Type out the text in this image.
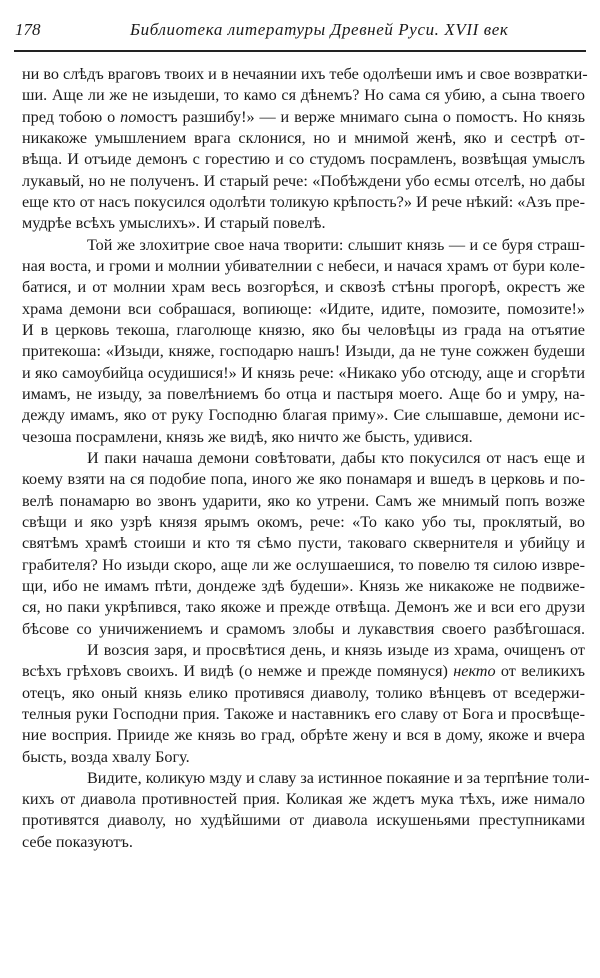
178	Библиотека литературы Древней Руси. XVII век
ни во слѣдъ враговъ твоих и в нечаянии ихъ тебе одолѣеши имъ и свое возвратки-
ши. Аще ли же не изыдеши, то камо ся дѣнемъ? Но сама ся убию, а сына твоего
пред тобою о помостъ разшибу!» — и верже мнимаго сына о помостъ. Но князь
никакоже умышлением врага склонися, но и мнимой женѣ, яко и сестрѣ от-
вѣща. И отъиде демонъ с горестию и со студомъ посрамленъ, возвѣщая умыслъ
лукавый, но не полученъ. И старый рече: «Побѣждени убо есмы отселѣ, но дабы
еще кто от насъ покусился одолѣти толикую крѣпость?» И рече нѣкий: «Азъ пре-
мудрѣе всѣхъ умыслихъ». И старый повелѣ.
Той же злохитрие свое нача творити: слышит князь — и се буря страш-
ная воста, и громи и молнии убивателнии с небеси, и начася храмъ от бури коле-
батися, и от молнии храм весь возгорѣся, и сквозѣ стѣны прогорѣ, окрестъ же
храма демони вси собрашася, вопиюще: «Идите, идите, помозите, помозите!»
И в церковь текоша, глаголюще князю, яко бы человѣцы из града на отъятие
притекоша: «Изыди, княже, господарю нашъ! Изыди, да не туне сожжен будеши
и яко самоубийца осудишися!» И князь рече: «Никако убо отсюду, аще и сгорѣти
имамъ, не изыду, за повелѣниемъ бо отца и пастыря моего. Аще бо и умру, на-
дежду имамъ, яко от руку Господню благая приму». Сие слышавше, демони ис-
чезоша посрамлени, князь же видѣ, яко ничто же бысть, удивися.
И паки начаша демони совѣтовати, дабы кто покусился от насъ еще и
коему взяти на ся подобие попа, иного же яко понамаря и вшедъ в церковь и по-
велѣ понамарю во звонъ ударити, яко ко утрени. Самъ же мнимый попъ возже
свѣщи и яко узрѣ князя ярымъ окомъ, рече: «То како убо ты, проклятый, во
святѣмъ храмѣ стоиши и кто тя сѣмо пусти, таковаго сквернителя и убийцу и
грабителя? Но изыди скоро, аще ли же ослушаешися, то повелю тя силою извре-
щи, ибо не имамъ пѣти, дондеже здѣ будеши». Князь же никакоже не подвиже-
ся, но паки укрѣпився, тако якоже и прежде отвѣща. Демонъ же и вси его друзи
бѣсове со уничижениемъ и срамомъ злобы и лукавствия своего разбѣгошася.
И возсия заря, и просвѣтися день, и князь изыде из храма, очищенъ от
всѣхъ грѣховъ своихъ. И видѣ (о немже и прежде помянуся) некто от великихъ
отецъ, яко оный князь елико противяся диаволу, толико вѣнцевъ от вседержи-
телныя руки Господни прия. Такоже и наставникъ его славу от Бога и просвѣще-
ние восприя. Прииде же князь во град, обрѣте жену и вся в дому, якоже и вчера
бысть, возда хвалу Богу.
Видите, коликую мзду и славу за истинное покаяние и за терпѣние толи-
кихъ от диавола противностей прия. Коликая же ждетъ мука тѣхъ, иже нимало
противятся диаволу, но худѣйшими от диавола искушеньями преступниками
себе показуютъ.
